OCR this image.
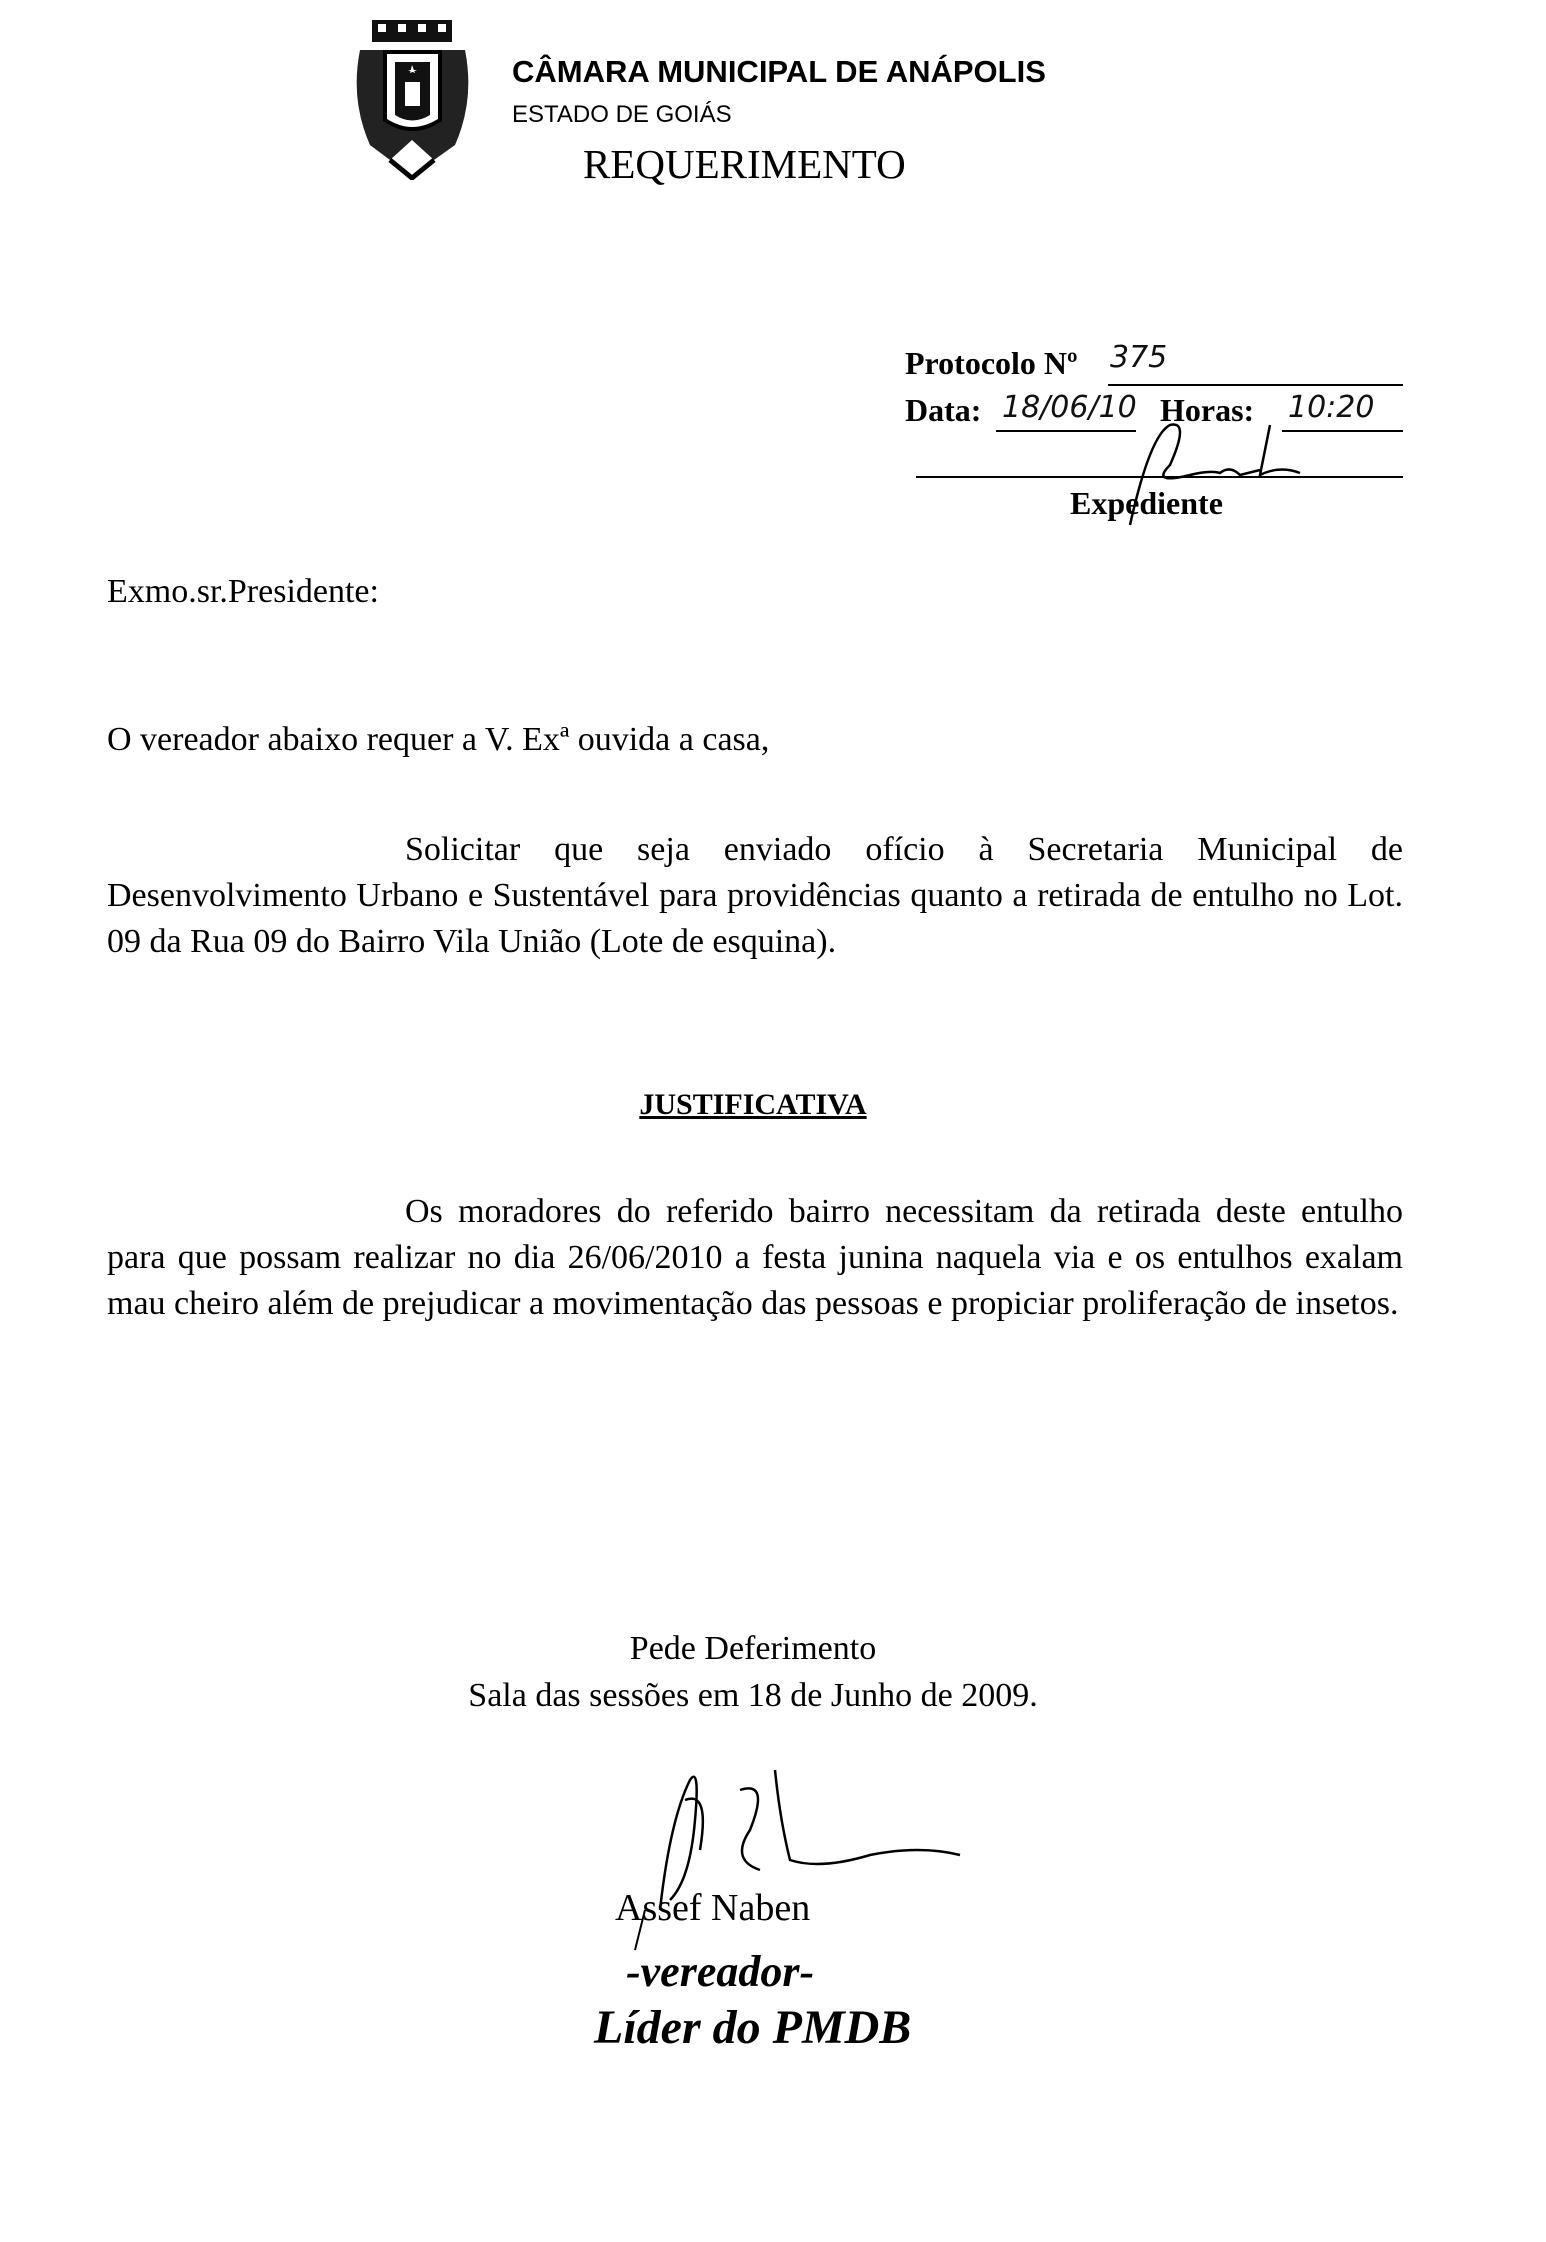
CÂMARA MUNICIPAL DE ANÁPOLIS
ESTADO DE GOIÁS
REQUERIMENTO
Protocolo Nº 375
Data: 18/06/10 Horas: 10:20
Expediente
Exmo.sr.Presidente:
O vereador abaixo requer a V. Exª ouvida a casa,
Solicitar que seja enviado ofício à Secretaria Municipal de Desenvolvimento Urbano e Sustentável para providências quanto a retirada de entulho no Lot. 09 da Rua 09 do Bairro Vila União (Lote de esquina).
JUSTIFICATIVA
Os moradores do referido bairro necessitam da retirada deste entulho para que possam realizar no dia 26/06/2010 a festa junina naquela via e os entulhos exalam mau cheiro além de prejudicar a movimentação das pessoas e propiciar proliferação de insetos.
Pede Deferimento
Sala das sessões em 18 de Junho de 2009.
Assef Naben
-vereador-
Líder do PMDB
